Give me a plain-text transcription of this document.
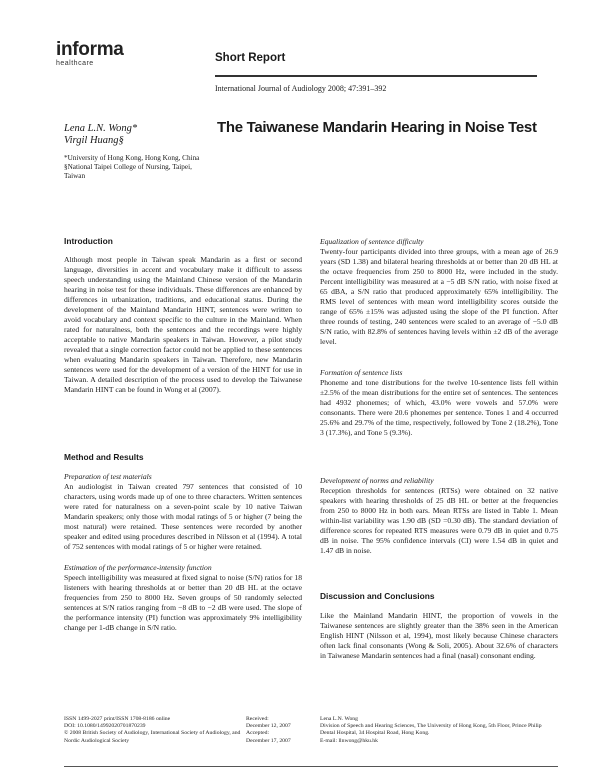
informa
healthcare	Short Report
International Journal of Audiology 2008; 47:391–392
Lena L.N. Wong*
Virgil Huang§

*University of Hong Kong, Hong Kong, China

§National Taipei College of Nursing, Taipei, Taiwan

The Taiwanese Mandarin Hearing in Noise Test
Introduction

Although most people in Taiwan speak Mandarin as a first or second language, diversities in accent and vocabulary make it difficult to assess speech understanding using the Mainland Chinese version of the Mandarin hearing in noise test for these individuals. These differences are enhanced by differences in urbanization, traditions, and educational status. During the development of the Mainland Mandarin HINT, sentences were written to avoid vocabulary and context specific to the culture in the Mainland. When rated for naturalness, both the sentences and the recordings were highly acceptable to native Mandarin speakers in Taiwan. However, a pilot study revealed that a single correction factor could not be applied to these sentences when evaluating Mandarin speakers in Taiwan. Therefore, new Mandarin sentences were used for the development of a version of the HINT for use in Taiwan. A detailed description of the process used to develop the Taiwanese Mandarin HINT can be found in Wong et al (2007).

Method and Results
Preparation of test materials

An audiologist in Taiwan created 797 sentences that consisted of 10 characters, using words made up of one to three characters. Written sentences were rated for naturalness on a seven-point scale by 10 native Taiwan Mandarin speakers; only those with modal ratings of 5 or higher (7 being the most natural) were retained. These sentences were recorded by another speaker and edited using procedures described in Nilsson et al (1994). A total of 752 sentences with modal ratings of 5 or higher were retained.

Estimation of the performance-intensity function

Speech intelligibility was measured at fixed signal to noise (S/N) ratios for 18 listeners with hearing thresholds at or better than 20 dB HL at the octave frequencies from 250 to 8000 Hz. Seven groups of 50 randomly selected sentences at S/N ratios ranging from −8 dB to −2 dB were used. The slope of the performance intensity (PI) function was approximately 9% intelligibility change per 1-dB change in S/N ratio.

Equalization of sentence difficulty

Twenty-four participants divided into three groups, with a mean age of 26.9 years (SD 1.38) and bilateral hearing thresholds at or better than 20 dB HL at the octave frequencies from 250 to 8000 Hz, were included in the study. Percent intelligibility was measured at a −5 dB S/N ratio, with noise fixed at 65 dBA, a S/N ratio that produced approximately 65% intelligibility. The RMS level of sentences with mean word intelligibility scores outside the range of 65% ±15% was adjusted using the slope of the PI function. After three rounds of testing, 240 sentences were scaled to an average of −5.0 dB S/N ratio, with 82.8% of sentences having levels within ±2 dB of the average level.

Formation of sentence lists

Phoneme and tone distributions for the twelve 10-sentence lists fell within ±2.5% of the mean distributions for the entire set of sentences. The sentences had 4932 phonemes; of which, 43.0% were vowels and 57.0% were consonants. There were 20.6 phonemes per sentence. Tones 1 and 4 occurred 25.6% and 29.7% of the time, respectively, followed by Tone 2 (18.2%), Tone 3 (17.3%), and Tone 5 (9.3%).

Development of norms and reliability

Reception thresholds for sentences (RTSs) were obtained on 32 native speakers with hearing thresholds of 25 dB HL or better at the frequencies from 250 to 8000 Hz in both ears. Mean RTSs are listed in Table 1. Mean within-list variability was 1.90 dB (SD =0.30 dB). The standard deviation of difference scores for repeated RTS measures were 0.79 dB in quiet and 0.75 dB in noise. The 95% confidence intervals (CI) were 1.54 dB in quiet and 1.47 dB in noise.

Discussion and Conclusions

Like the Mainland Mandarin HINT, the proportion of vowels in the Taiwanese sentences are slightly greater than the 38% seen in the American English HINT (Nilsson et al, 1994), most likely because Chinese characters often lack final consonants (Wong & Soli, 2005). About 32.6% of characters in Taiwanese Mandarin sentences had a final (nasal) consonant ending.

ISSN 1499-2027 print/ISSN 1708-8186 online
DOI: 10.1080/14992020701870239
© 2008 British Society of Audiology, International Society of Audiology, and Nordic Audiological Society
Received:
December 12, 2007
Accepted:
December 17, 2007
Lena L.N. Wong
Division of Speech and Hearing Sciences, The University of Hong Kong, 5th Floor, Prince Philip Dental Hospital, 34 Hospital Road, Hong Kong.
E-mail: llnwong@hku.hk
